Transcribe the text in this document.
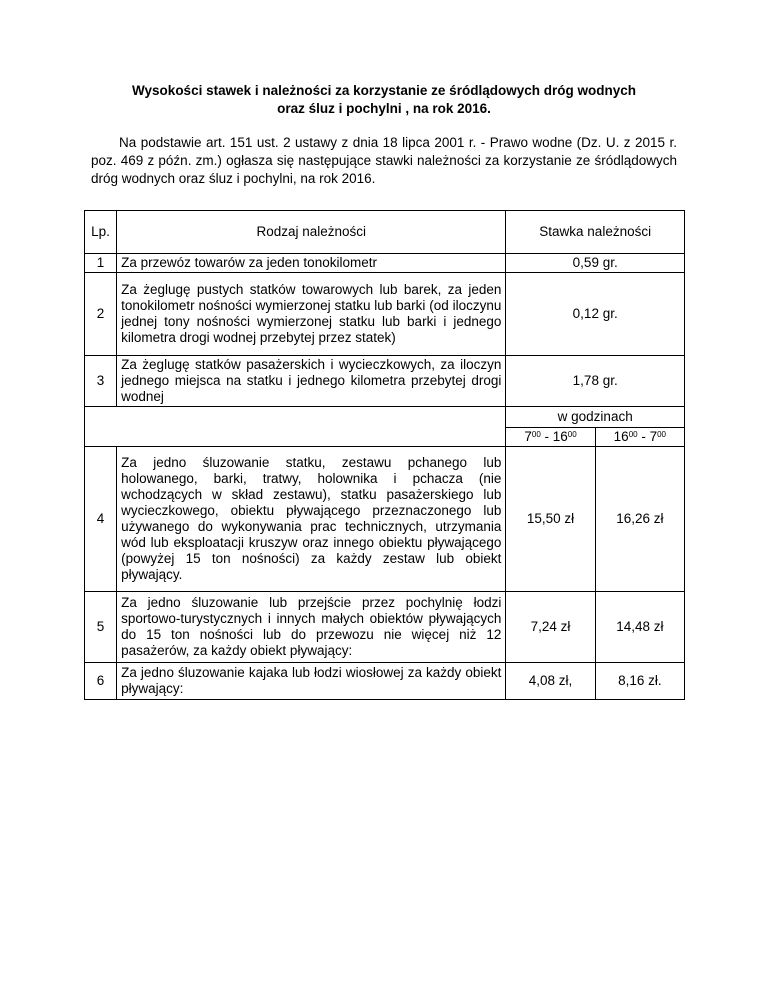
Wysokości stawek i należności za korzystanie ze śródlądowych dróg wodnych
oraz śluz i pochylni , na rok 2016.
Na podstawie art. 151 ust. 2 ustawy z dnia 18 lipca 2001 r. - Prawo wodne (Dz. U. z 2015 r. poz. 469 z późn. zm.) ogłasza się następujące stawki należności za korzystanie ze śródlądowych dróg wodnych oraz śluz i pochylni, na rok 2016.
Lp.	Rodzaj należności	Stawka należności	
1	Za przewóz towarów za jeden tonokilometr	0,59 gr.	
2	Za żeglugę pustych statków towarowych lub barek, za jeden tonokilometr nośności wymierzonej statku lub barki (od iloczynu jednej tony nośności wymierzonej statku lub barki i jednego kilometra drogi wodnej przebytej przez statek)	0,12 gr.	
3	Za żeglugę statków pasażerskich i wycieczkowych, za iloczyn jednego miejsca na statku i jednego kilometra przebytej drogi wodnej	1,78 gr.	
		w godzinach	
		$7^{00} - 16^{00}$	$16^{00} - 7^{00}$
4	Za jedno śluzowanie statku, zestawu pchanego lub holowanego, barki, tratwy, holownika i pchacza (nie wchodzących w skład zestawu), statku pasażerskiego lub wycieczkowego, obiektu pływającego przeznaczonego lub używanego do wykonywania prac technicznych, utrzymania wód lub eksploatacji kruszyw oraz innego obiektu pływającego (powyżej 15 ton nośności) za każdy zestaw lub obiekt pływający.	15,50 zł	16,26 zł
5	Za jedno śluzowanie lub przejście przez pochylnię łodzi sportowo-turystycznych i innych małych obiektów pływających do 15 ton nośności lub do przewozu nie więcej niż 12 pasażerów, za każdy obiekt pływający:	7,24 zł	14,48 zł
6	Za jedno śluzowanie kajaka lub łodzi wiosłowej za każdy obiekt pływający:	4,08 zł,	8,16 zł.
